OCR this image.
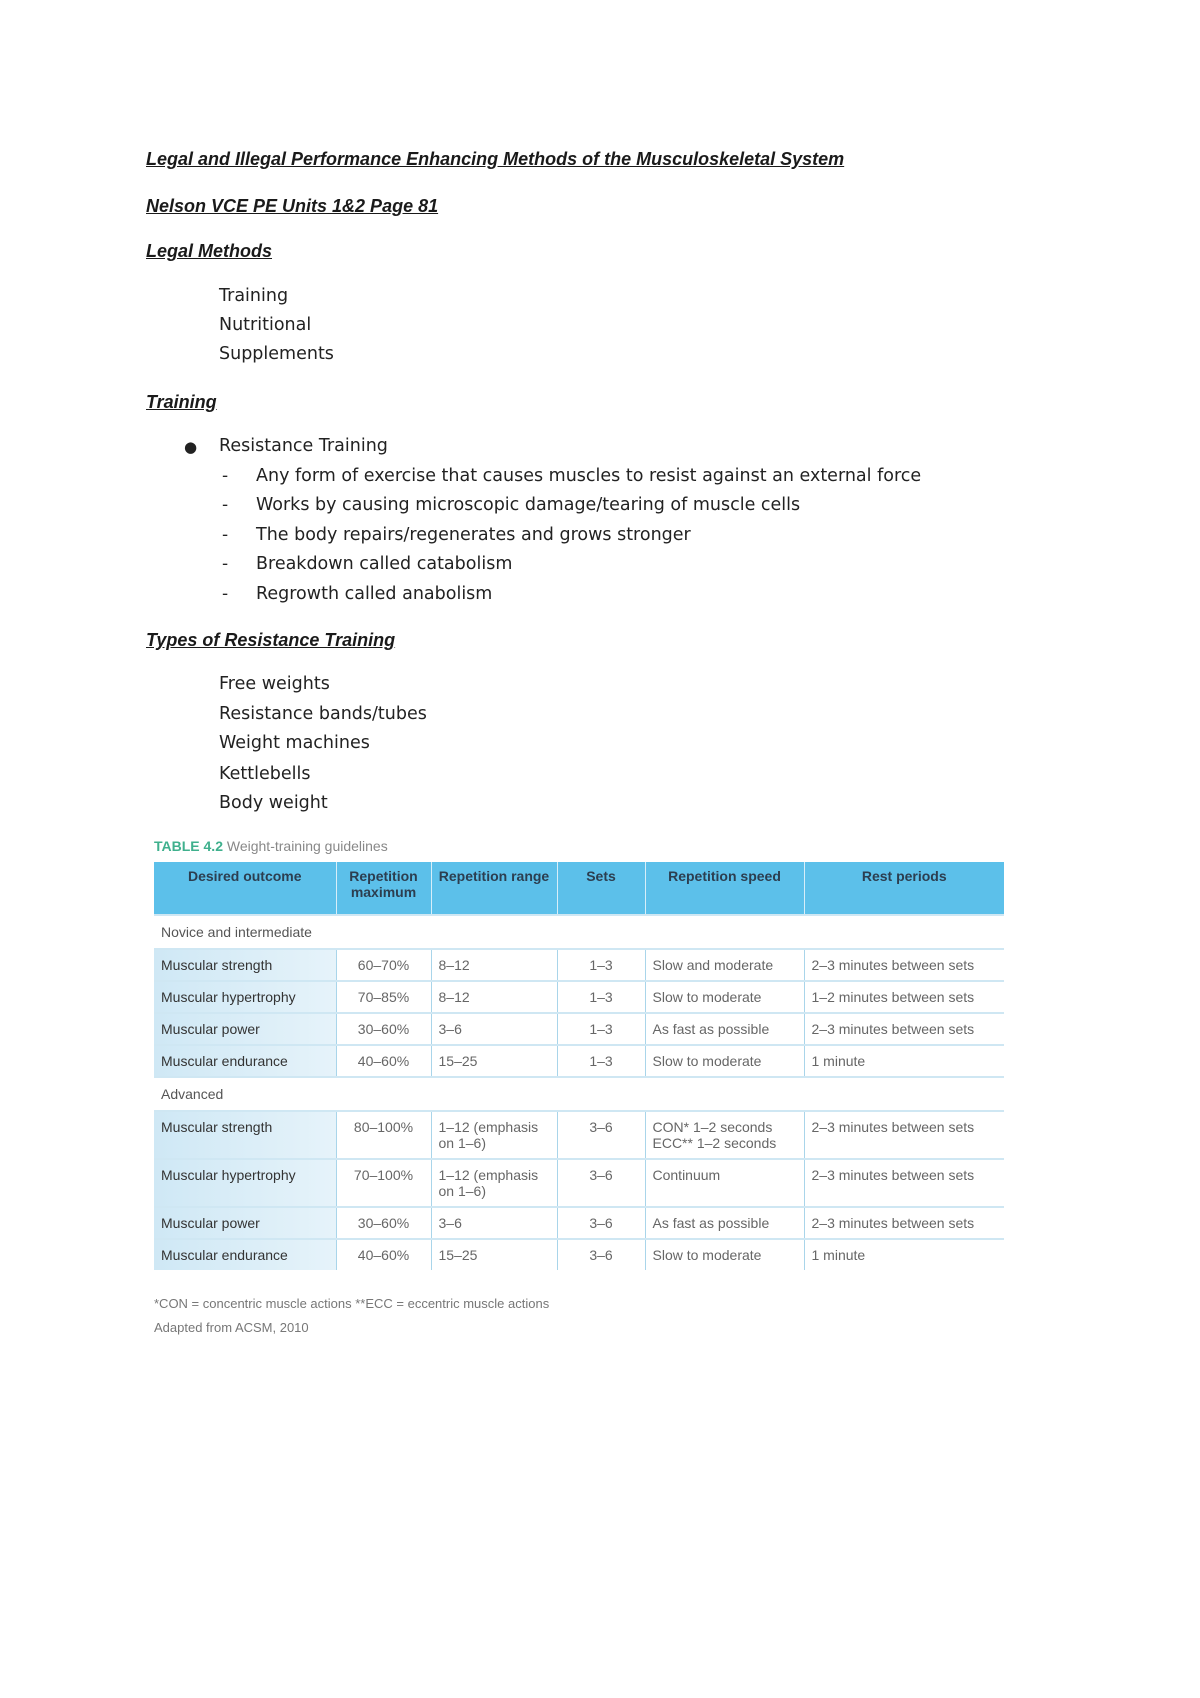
Legal and Illegal Performance Enhancing Methods of the Musculoskeletal System
Nelson VCE PE Units 1&2 Page 81
Legal Methods
Training
Nutritional
Supplements
Training
● Resistance Training
- Any form of exercise that causes muscles to resist against an external force
- Works by causing microscopic damage/tearing of muscle cells
- The body repairs/regenerates and grows stronger
- Breakdown called catabolism
- Regrowth called anabolism
Types of Resistance Training
Free weights
Resistance bands/tubes
Weight machines
Kettlebells
Body weight
TABLE 4.2 Weight-training guidelines
Desired outcome	Repetition maximum	Repetition range	Sets	Repetition speed	Rest periods
Novice and intermediate					
Muscular strength	60–70%	8–12	1–3	Slow and moderate	2–3 minutes between sets
Muscular hypertrophy	70–85%	8–12	1–3	Slow to moderate	1–2 minutes between sets
Muscular power	30–60%	3–6	1–3	As fast as possible	2–3 minutes between sets
Muscular endurance	40–60%	15–25	1–3	Slow to moderate	1 minute
Advanced					
Muscular strength	80–100%	1–12 (emphasis on 1–6)	3–6	CON* 1–2 seconds ECC** 1–2 seconds	2–3 minutes between sets
Muscular hypertrophy	70–100%	1–12 (emphasis on 1–6)	3–6	Continuum	2–3 minutes between sets
Muscular power	30–60%	3–6	3–6	As fast as possible	2–3 minutes between sets
Muscular endurance	40–60%	15–25	3–6	Slow to moderate	1 minute
*CON = concentric muscle actions **ECC = eccentric muscle actions
Adapted from ACSM, 2010
